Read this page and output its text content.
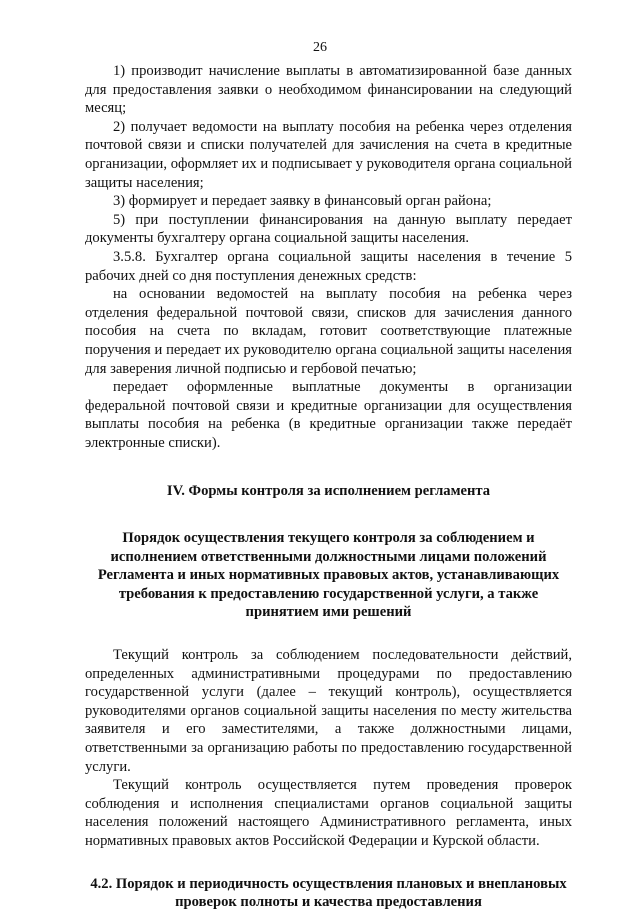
26

1) производит начисление выплаты в автоматизированной базе данных для предоставления заявки о необходимом финансировании на следующий месяц;

2) получает ведомости на выплату пособия на ребенка через отделения почтовой связи и списки получателей для зачисления на счета в кредитные организации, оформляет их и подписывает у руководителя органа социальной защиты населения;

3) формирует и передает заявку в финансовый орган района;

5) при поступлении финансирования на данную выплату передает документы бухгалтеру органа социальной защиты населения.

3.5.8. Бухгалтер органа социальной защиты населения в течение 5 рабочих дней со дня поступления денежных средств:

на основании ведомостей на выплату пособия на ребенка через отделения федеральной почтовой связи, списков для зачисления данного пособия на счета по вкладам, готовит соответствующие платежные поручения и передает их руководителю органа социальной защиты населения для заверения личной подписью и гербовой печатью;

передает оформленные выплатные документы в организации федеральной почтовой связи и кредитные организации для осуществления выплаты пособия на ребенка (в кредитные организации также передаёт электронные списки).

IV. Формы контроля за исполнением регламента
Порядок осуществления текущего контроля за соблюдением и исполнением ответственными должностными лицами положений Регламента и иных нормативных правовых актов, устанавливающих требования к предоставлению государственной услуги, а также принятием ими решений

Текущий контроль за соблюдением последовательности действий, определенных административными процедурами по предоставлению государственной услуги (далее – текущий контроль), осуществляется руководителями органов социальной защиты населения по месту жительства заявителя и его заместителями, а также должностными лицами, ответственными за организацию работы по предоставлению государственной услуги.

Текущий контроль осуществляется путем проведения проверок соблюдения и исполнения специалистами органов социальной защиты населения положений настоящего Административного регламента, иных нормативных правовых актов Российской Федерации и Курской области.

4.2. Порядок и периодичность осуществления плановых и внеплановых проверок полноты и качества предоставления
